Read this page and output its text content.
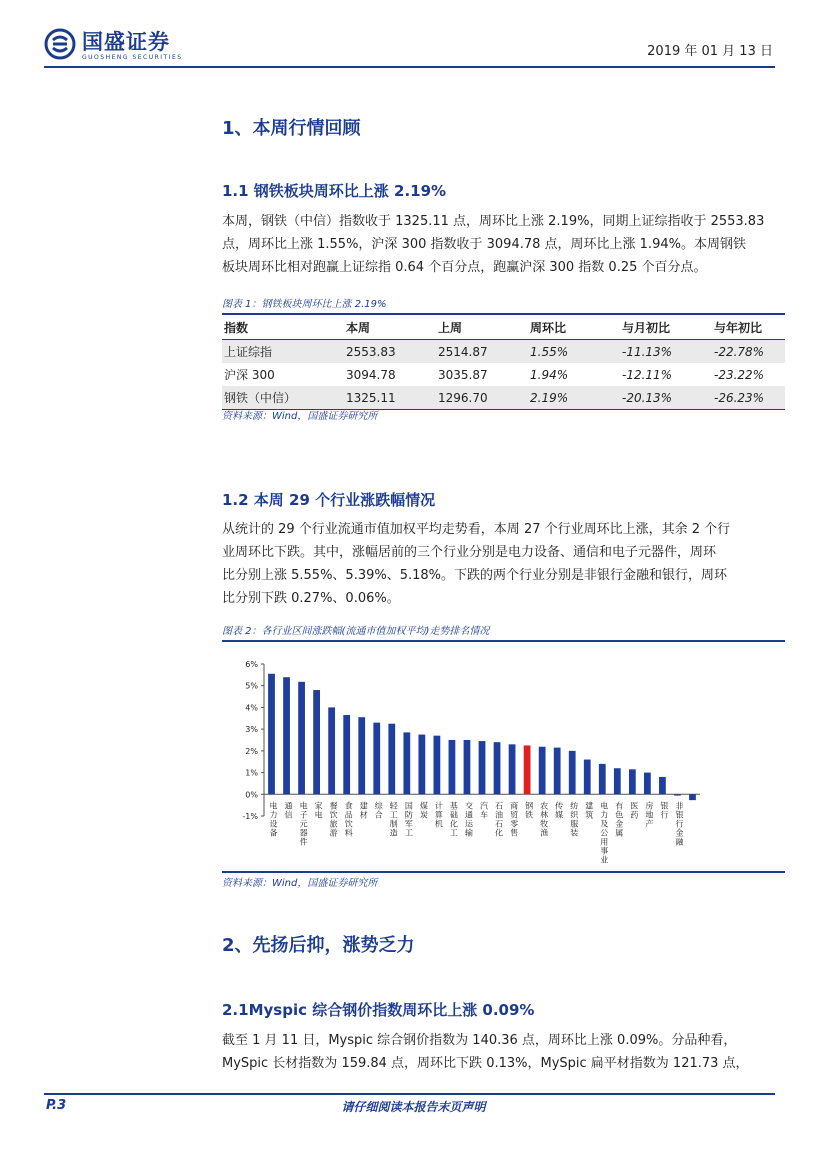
国盛证券
GUOSHENG SECURITIES	2019 年 01 月 13 日
1、本周行情回顾
1.1 钢铁板块周环比上涨 2.19%
本周，钢铁（中信）指数收于 1325.11 点，周环比上涨 2.19%，同期上证综指收于 2553.83
点，周环比上涨 1.55%，沪深 300 指数收于 3094.78 点，周环比上涨 1.94%。本周钢铁
板块周环比相对跑赢上证综指 0.64 个百分点，跑赢沪深 300 指数 0.25 个百分点。
图表 1：钢铁板块周环比上涨 2.19%
指数	本周	上周	周环比	与月初比	与年初比
上证综指	2553.83	2514.87	1.55%	-11.13%	-22.78%
沪深 300	3094.78	3035.87	1.94%	-12.11%	-23.22%
钢铁（中信）	1325.11	1296.70	2.19%	-20.13%	-26.23%
资料来源：Wind，国盛证券研究所
1.2 本周 29 个行业涨跌幅情况
从统计的 29 个行业流通市值加权平均走势看，本周 27 个行业周环比上涨，其余 2 个行
业周环比下跌。其中，涨幅居前的三个行业分别是电力设备、通信和电子元器件，周环
比分别上涨 5.55%、5.39%、5.18%。下跌的两个行业分别是非银行金融和银行，周环
比分别下跌 0.27%、0.06%。
图表 2：各行业区间涨跌幅(流通市值加权平均)走势排名情况
-1%
0%
1%
2%
3%
4%
5%
6%
电力设备
通信
电子元器件
家电
餐饮旅游
食品饮料
建材
综合
轻工制造
国防军工
煤炭
计算机
基础化工
交通运输
汽车
石油石化
商贸零售
钢铁
农林牧渔
传媒
纺织服装
建筑
电力及公用事业
有色金属
医药
房地产
银行
非银行金融
资料来源：Wind，国盛证券研究所
2、先扬后抑，涨势乏力
2.1Myspic 综合钢价指数周环比上涨 0.09%
截至 1 月 11 日，Myspic 综合钢价指数为 140.36 点，周环比上涨 0.09%。分品种看，
MySpic 长材指数为 159.84 点，周环比下跌 0.13%，MySpic 扁平材指数为 121.73 点，
P.3	请仔细阅读本报告末页声明
